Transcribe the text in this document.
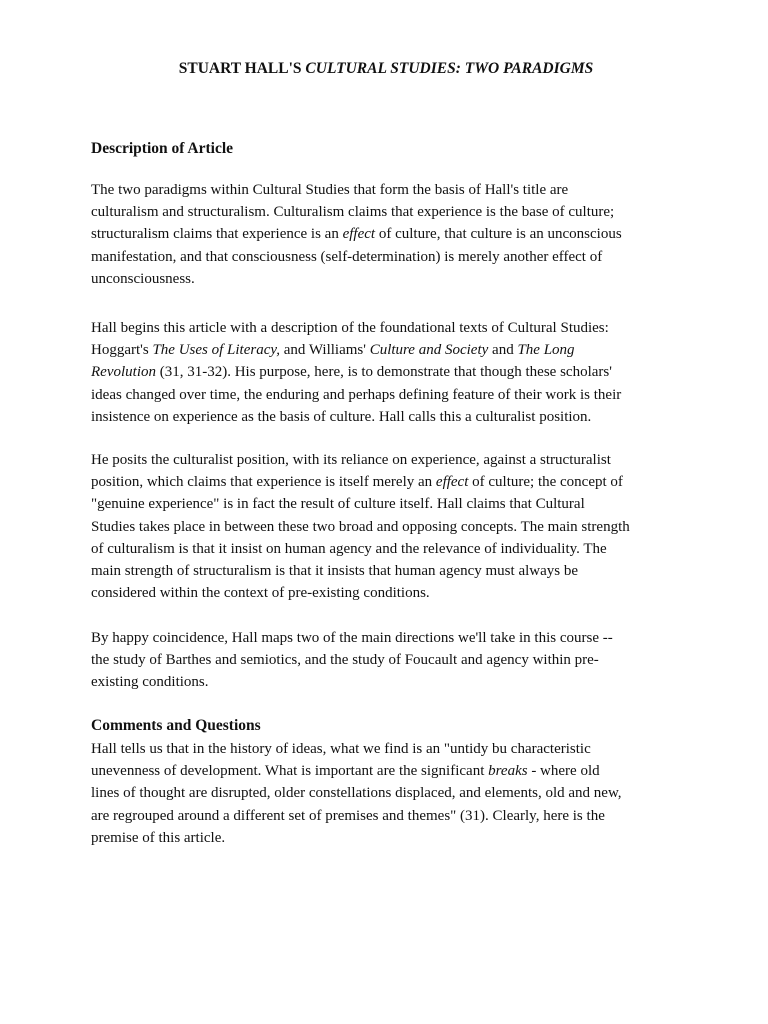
STUART HALL'S CULTURAL STUDIES: TWO PARADIGMS
Description of Article

The two paradigms within Cultural Studies that form the basis of Hall's title are
culturalism and structuralism. Culturalism claims that experience is the base of culture;
structuralism claims that experience is an effect of culture, that culture is an unconscious
manifestation, and that consciousness (self-determination) is merely another effect of
unconsciousness.

Hall begins this article with a description of the foundational texts of Cultural Studies:
Hoggart's The Uses of Literacy, and Williams' Culture and Society and The Long
Revolution (31, 31-32). His purpose, here, is to demonstrate that though these scholars'
ideas changed over time, the enduring and perhaps defining feature of their work is their
insistence on experience as the basis of culture. Hall calls this a culturalist position.

He posits the culturalist position, with its reliance on experience, against a structuralist
position, which claims that experience is itself merely an effect of culture; the concept of
"genuine experience" is in fact the result of culture itself. Hall claims that Cultural
Studies takes place in between these two broad and opposing concepts. The main strength
of culturalism is that it insist on human agency and the relevance of individuality. The
main strength of structuralism is that it insists that human agency must always be
considered within the context of pre-existing conditions.

By happy coincidence, Hall maps two of the main directions we'll take in this course --
the study of Barthes and semiotics, and the study of Foucault and agency within pre-
existing conditions.

Comments and Questions

Hall tells us that in the history of ideas, what we find is an "untidy bu characteristic
unevenness of development. What is important are the significant breaks - where old
lines of thought are disrupted, older constellations displaced, and elements, old and new,
are regrouped around a different set of premises and themes" (31). Clearly, here is the
premise of this article.
